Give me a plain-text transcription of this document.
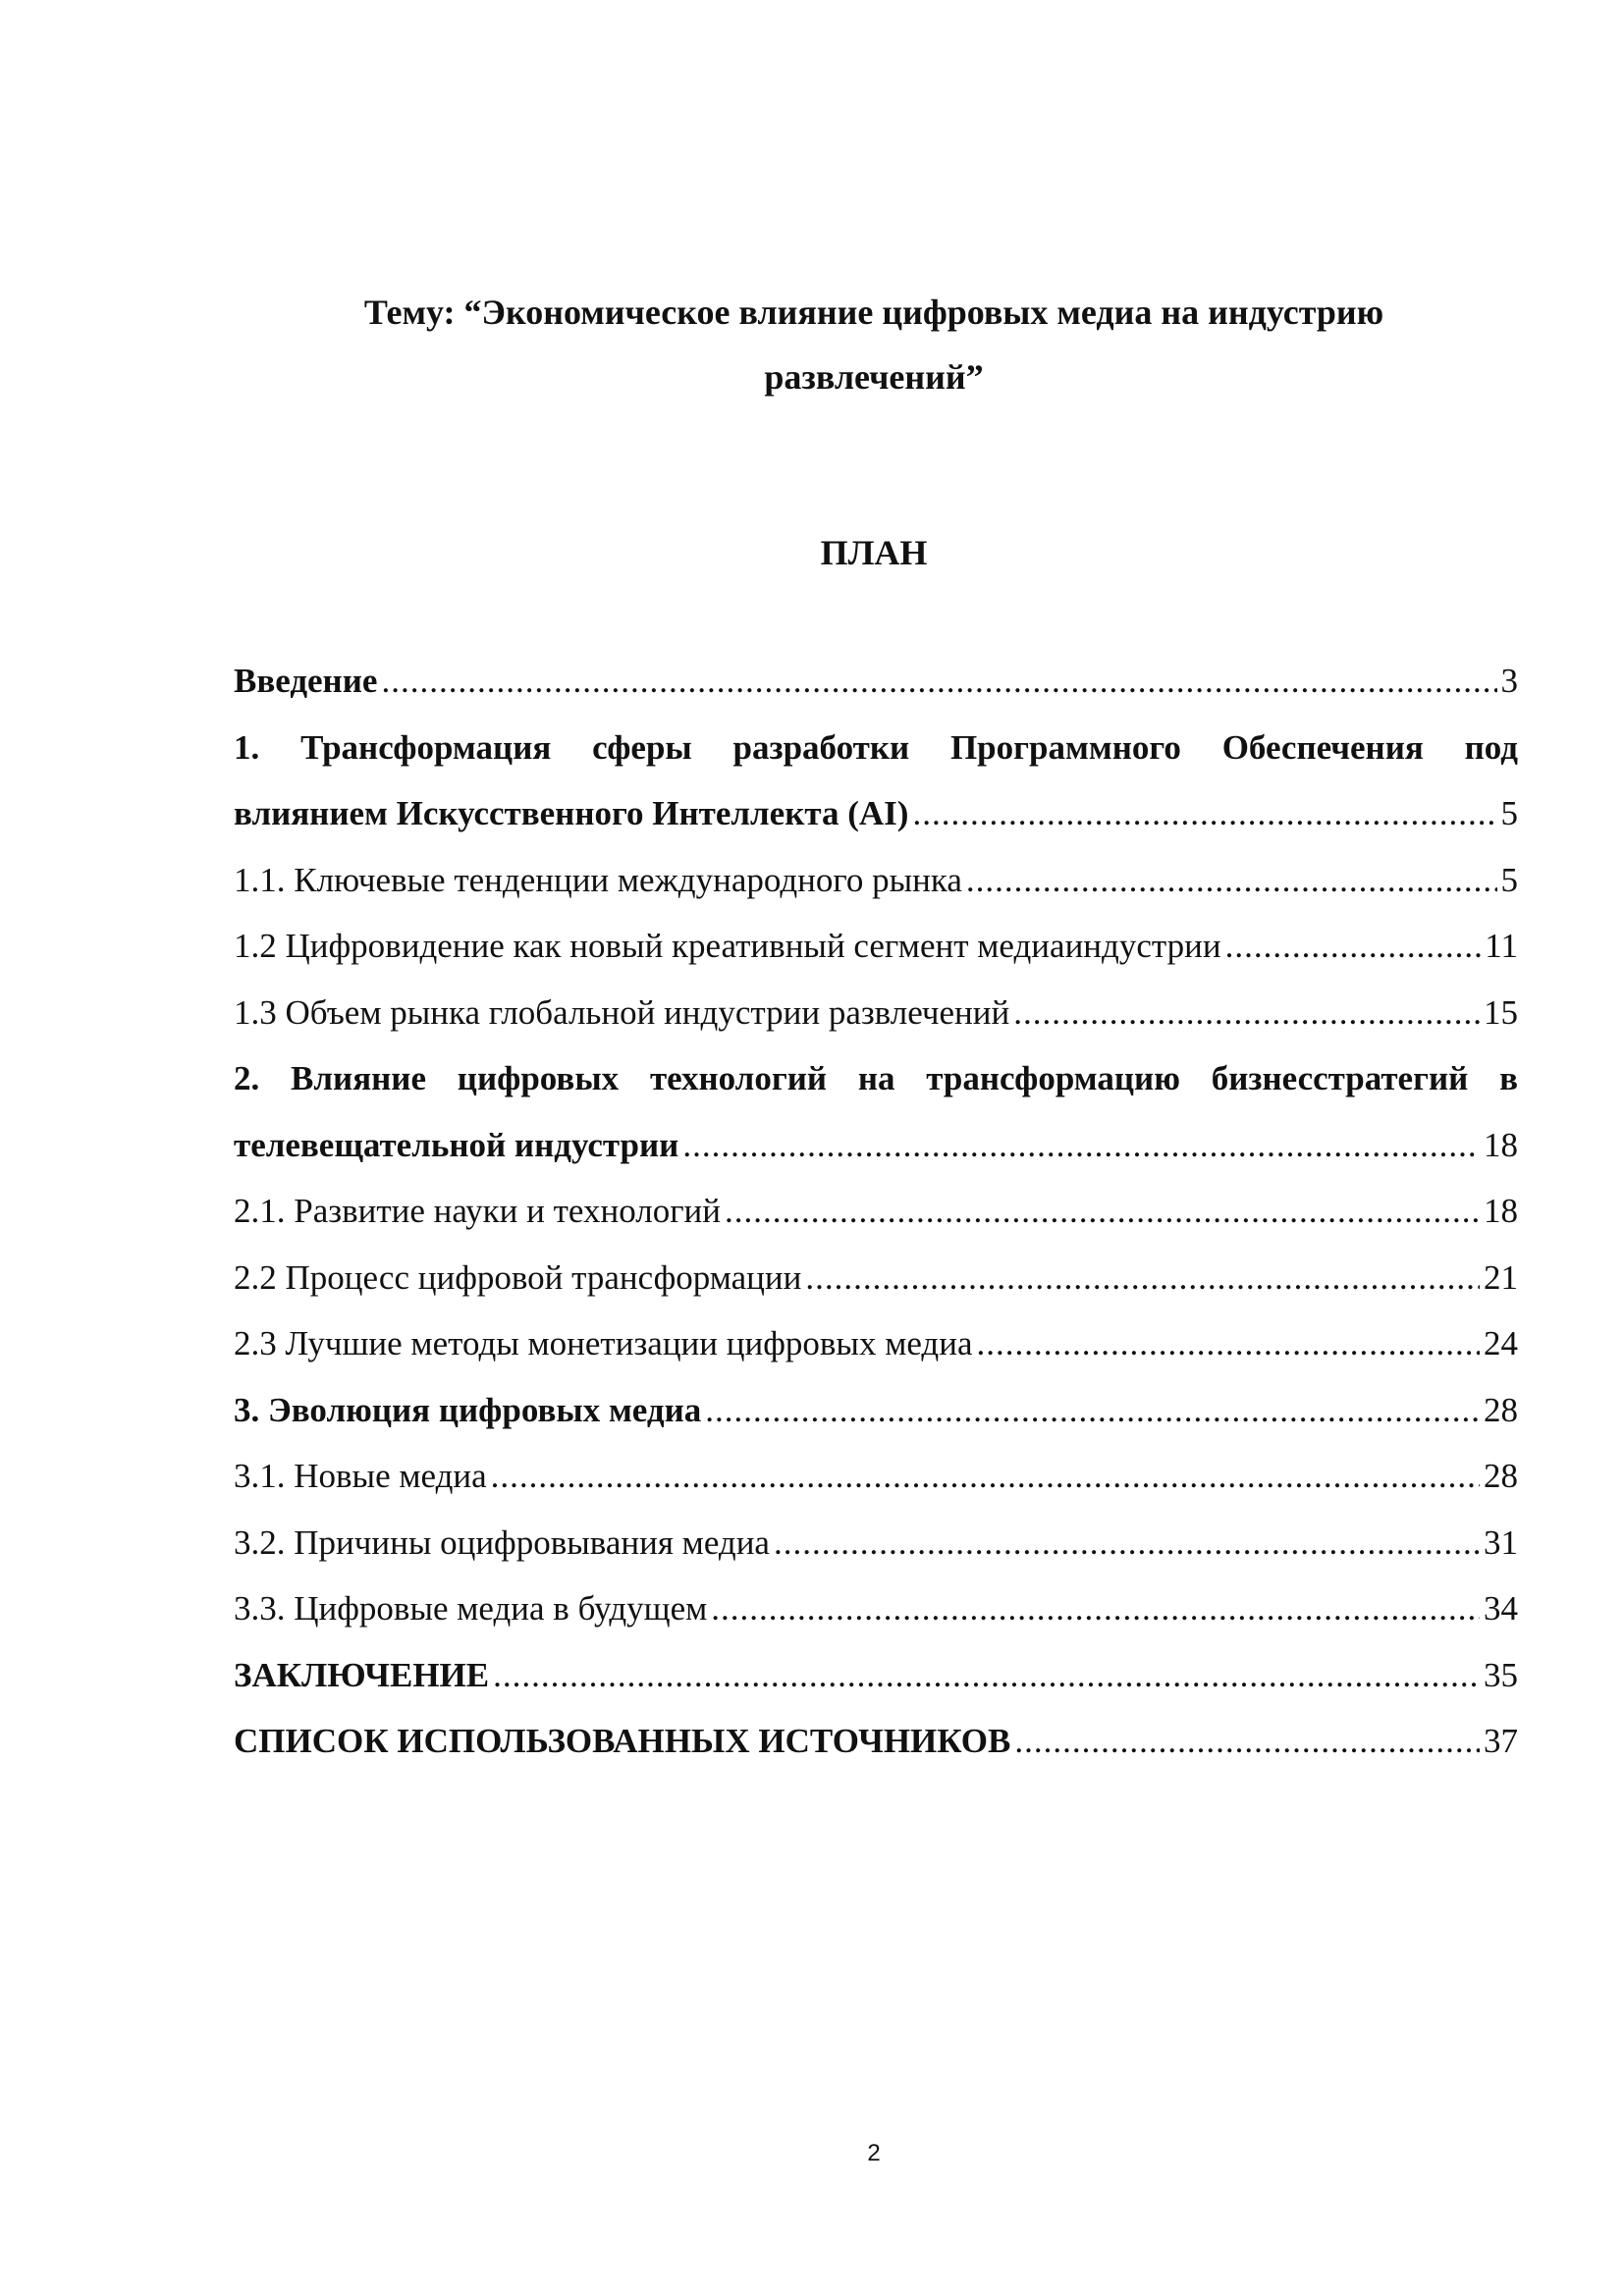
Тему: “Экономическое влияние цифровых медиа на индустрию
развлечений”
ПЛАН
Введение .....	3
1. Трансформация сферы разработки Программного Обеспечения под
влиянием Искусственного Интеллекта (AI) .....	5
1.1. Ключевые тенденции международного рынка .....	5
1.2 Цифровидение как новый креативный сегмент медиаиндустрии .....	11
1.3 Объем рынка глобальной индустрии развлечений .....	15
2. Влияние цифровых технологий на трансформацию бизнесстратегий в
телевещательной индустрии .....	18
2.1. Развитие науки и технологий .....	18
2.2 Процесс цифровой трансформации .....	21
2.3 Лучшие методы монетизации цифровых медиа .....	24
3. Эволюция цифровых медиа .....	28
3.1. Новые медиа .....	28
3.2. Причины оцифровывания медиа .....	31
3.3. Цифровые медиа в будущем .....	34
ЗАКЛЮЧЕНИЕ .....	35
СПИСОК ИСПОЛЬЗОВАННЫХ ИСТОЧНИКОВ .....	37
2
